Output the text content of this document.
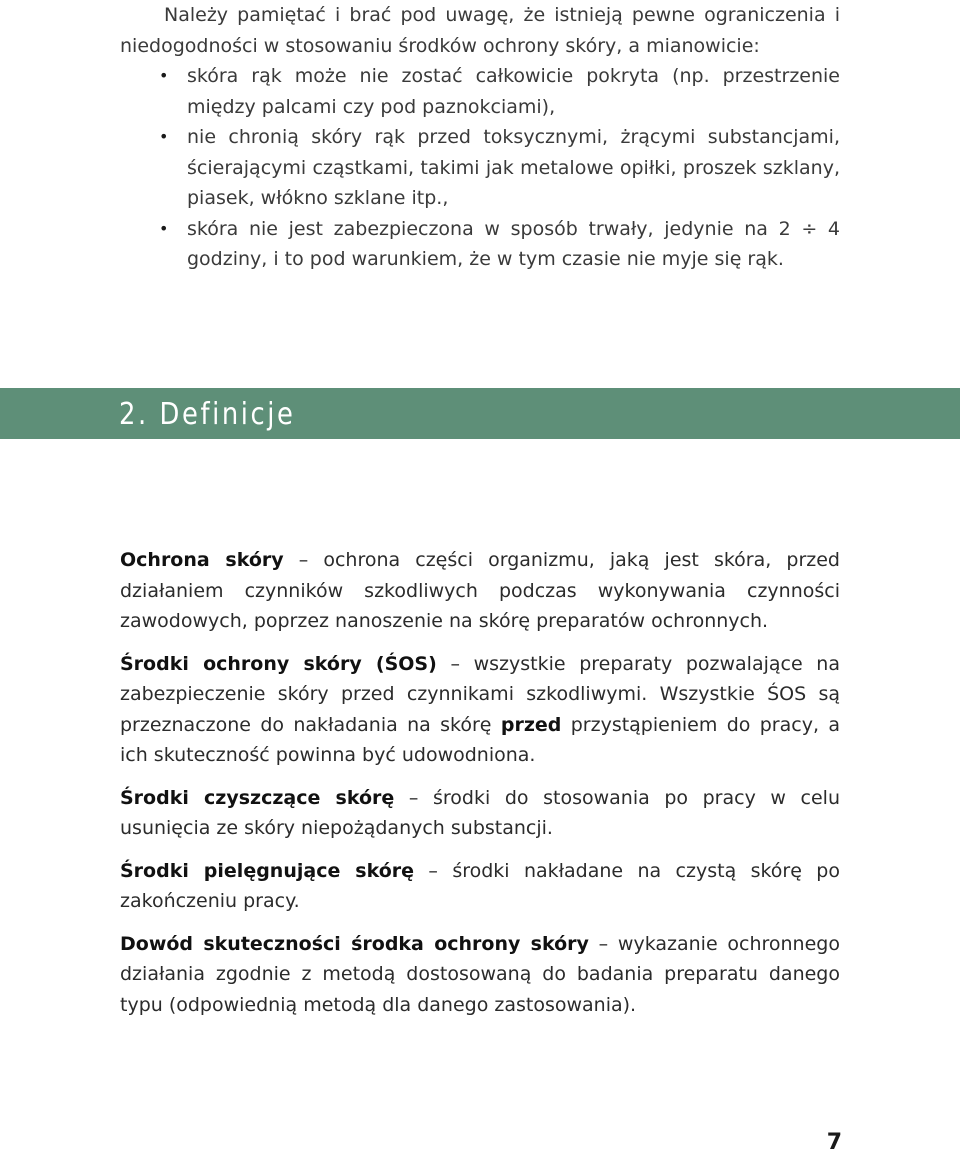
Należy pamiętać i brać pod uwagę, że istnieją pewne ograniczenia i niedogodności w stosowaniu środków ochrony skóry, a mianowicie:

• skóra rąk może nie zostać całkowicie pokryta (np. przestrzenie między palcami czy pod paznokciami),
• nie chronią skóry rąk przed toksycznymi, żrącymi substancjami, ścierającymi cząstkami, takimi jak metalowe opiłki, proszek szklany, piasek, włókno szklane itp.,
• skóra nie jest zabezpieczona w sposób trwały, jedynie na 2 ÷ 4 godziny, i to pod warunkiem, że w tym czasie nie myje się rąk.
2. Definicje

Ochrona skóry – ochrona części organizmu, jaką jest skóra, przed działaniem czynników szkodliwych podczas wykonywania czynności zawodowych, poprzez nanoszenie na skórę preparatów ochronnych.

Środki ochrony skóry (ŚOS) – wszystkie preparaty pozwalające na zabezpieczenie skóry przed czynnikami szkodliwymi. Wszystkie ŚOS są przeznaczone do nakładania na skórę przed przystąpieniem do pracy, a ich skuteczność powinna być udowodniona.

Środki czyszczące skórę – środki do stosowania po pracy w celu usunięcia ze skóry niepożądanych substancji.

Środki pielęgnujące skórę – środki nakładane na czystą skórę po zakończeniu pracy.

Dowód skuteczności środka ochrony skóry – wykazanie ochronnego działania zgodnie z metodą dostosowaną do badania preparatu danego typu (odpowiednią metodą dla danego zastosowania).

7
